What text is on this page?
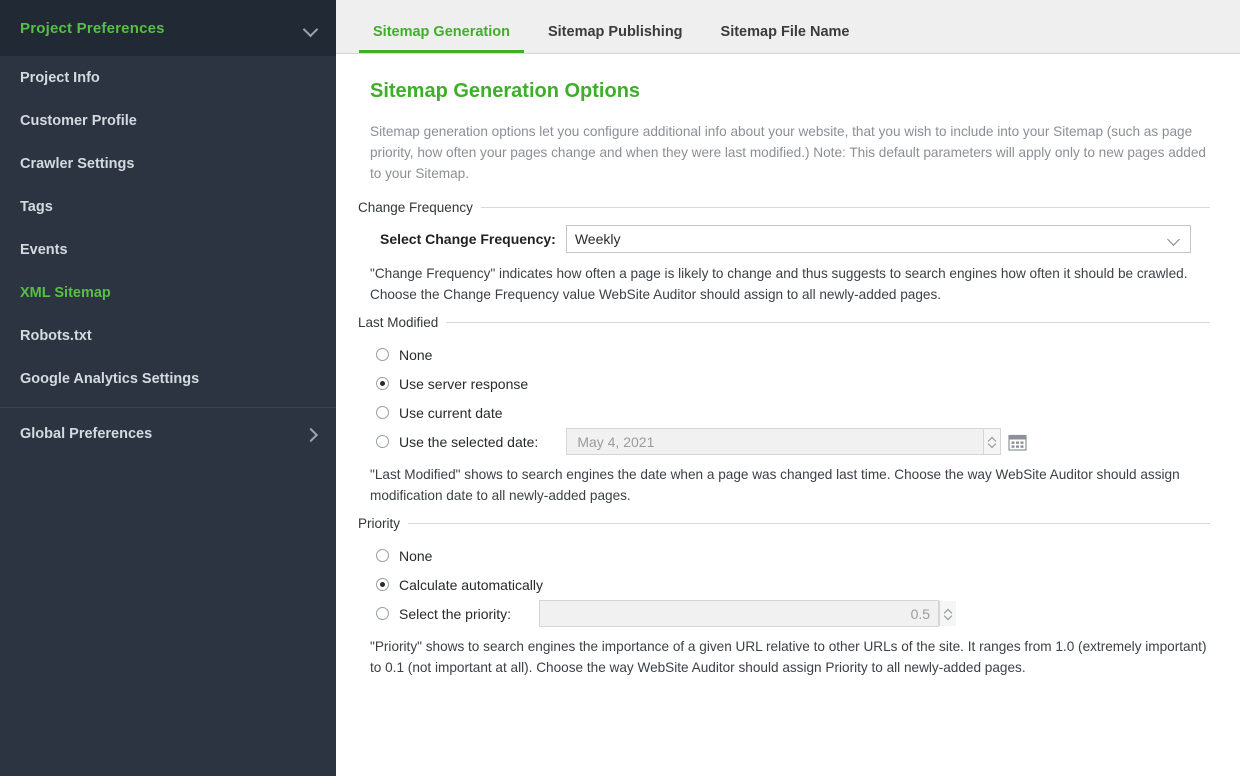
Project Preferences
Project Info
Customer Profile
Crawler Settings
Tags
Events
XML Sitemap
Robots.txt
Google Analytics Settings
Global Preferences
Sitemap Generation	Sitemap Publishing	Sitemap File Name
Sitemap Generation Options

Sitemap generation options let you configure additional info about your website, that you wish to include into your Sitemap (such as page priority, how often your pages change and when they were last modified.) Note: This default parameters will apply only to new pages added to your Sitemap.

Change Frequency
Select Change Frequency: Weekly

"Change Frequency" indicates how often a page is likely to change and thus suggests to search engines how often it should be crawled. Choose the Change Frequency value WebSite Auditor should assign to all newly-added pages.

Last Modified
None
Use server response
Use current date
Use the selected date:	May 4, 2021

"Last Modified" shows to search engines the date when a page was changed last time. Choose the way WebSite Auditor should assign modification date to all newly-added pages.

Priority
None
Calculate automatically
Select the priority:	0.5

"Priority" shows to search engines the importance of a given URL relative to other URLs of the site. It ranges from 1.0 (extremely important) to 0.1 (not important at all). Choose the way WebSite Auditor should assign Priority to all newly-added pages.
